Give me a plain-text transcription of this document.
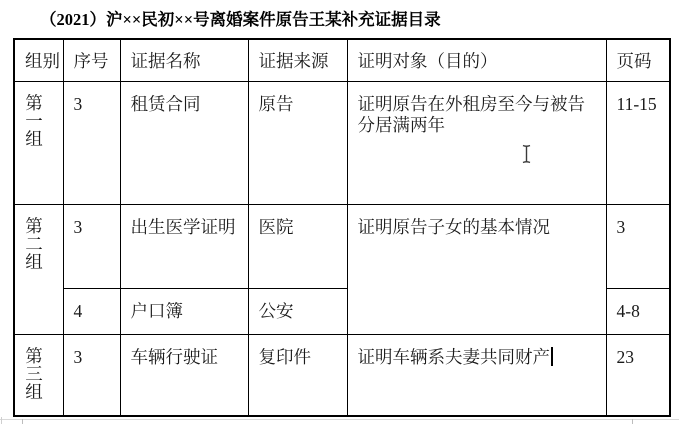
（2021）沪××民初××号离婚案件原告王某补充证据目录
组别	序号	证据名称	证据来源	证明对象（目的）	页码

第一组	3	租赁合同	原告	证明原告在外租房至今与被告分居满两年	11-15

第二组	3	出生医学证明	医院	证明原告子女的基本情况	3
	4	户口簿	公安		4-8

第三组	3	车辆行驶证	复印件	证明车辆系夫妻共同财产	23
